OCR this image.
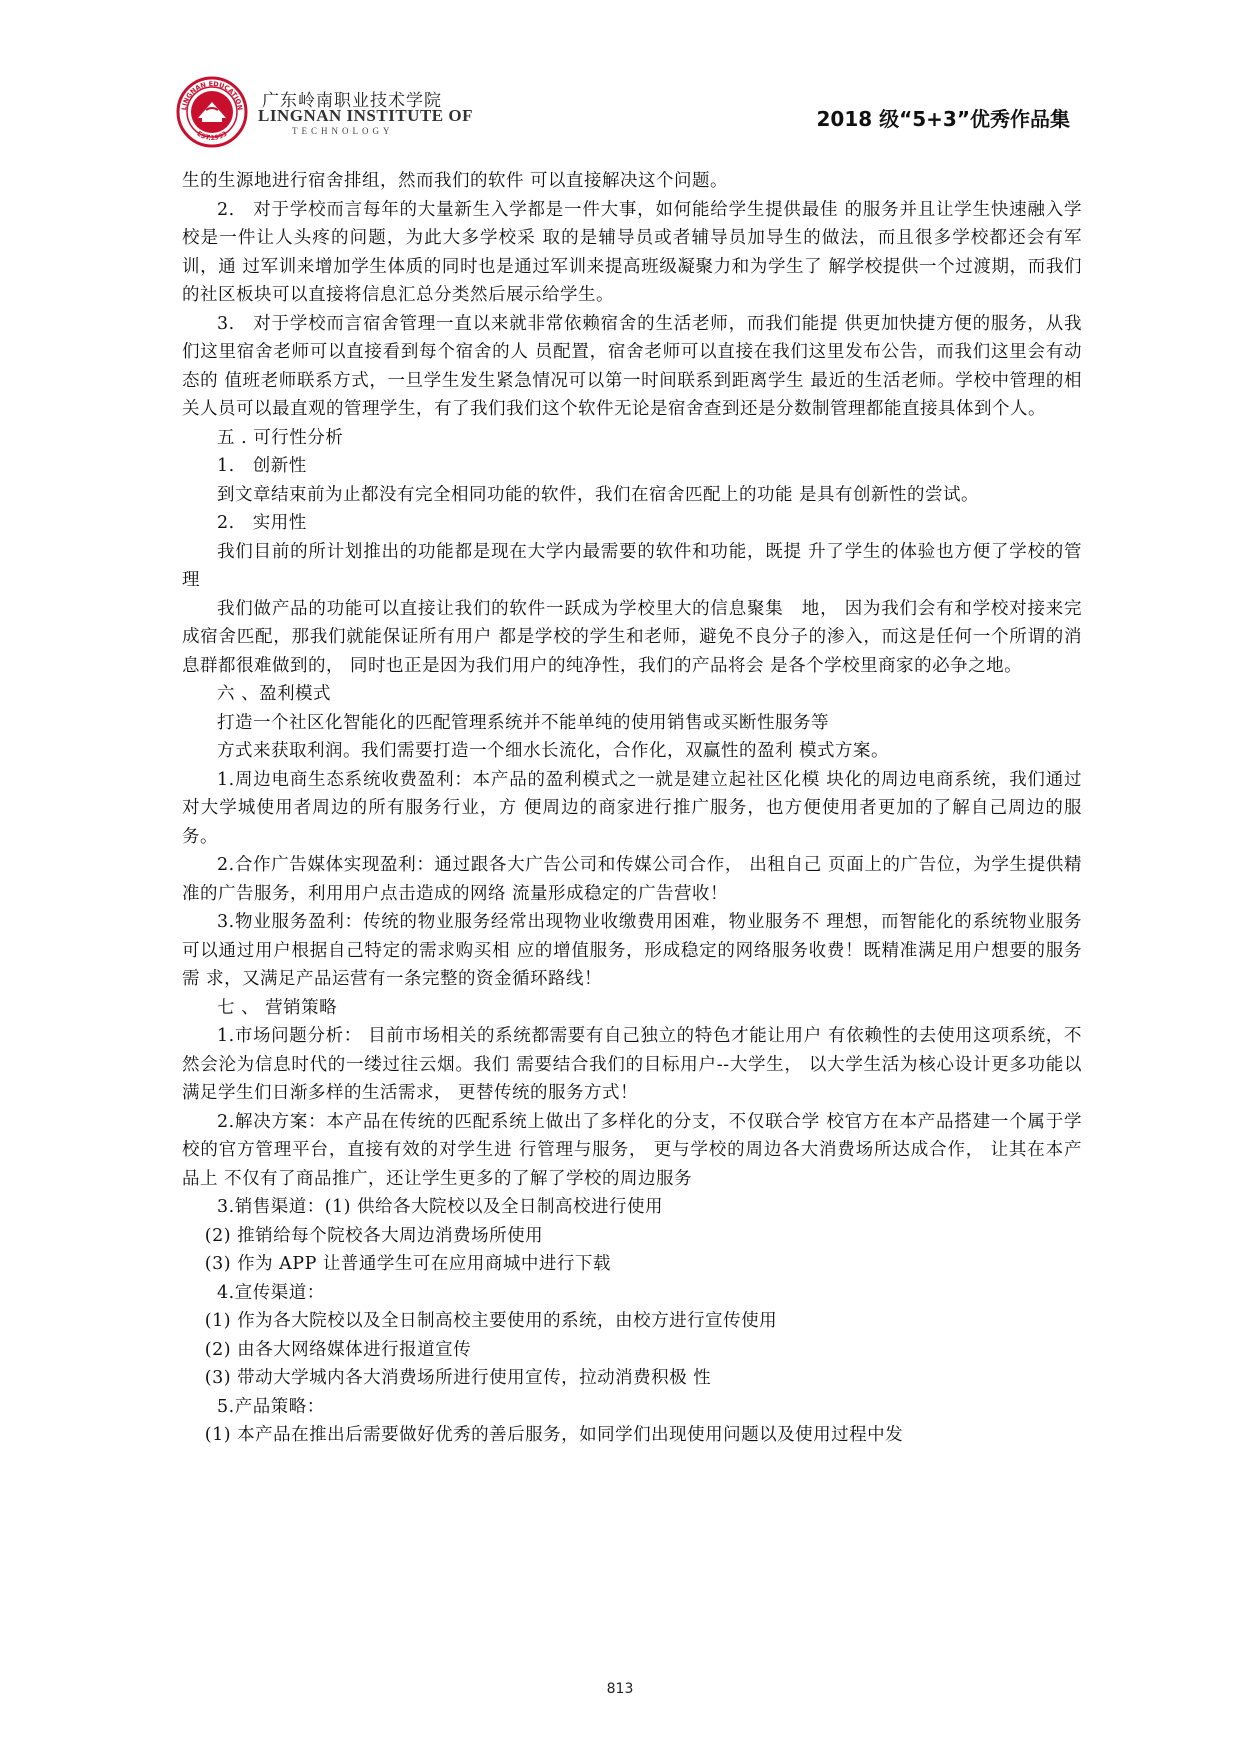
LINGNAN EDUCATION
EST.1993
广东岭南职业技术学院
LINGNAN INSTITUTE OF
TECHNOLOGY	2018 级“5+3”优秀作品集

生的生源地进行宿舍排组，然而我们的软件 可以直接解决这个问题。

2.　对于学校而言每年的大量新生入学都是一件大事，如何能给学生提供最佳 的服务并且让学生快速融入学校是一件让人头疼的问题，为此大多学校采 取的是辅导员或者辅导员加导生的做法，而且很多学校都还会有军训，通 过军训来增加学生体质的同时也是通过军训来提高班级凝聚力和为学生了 解学校提供一个过渡期，而我们的社区板块可以直接将信息汇总分类然后展示给学生。

3.　对于学校而言宿舍管理一直以来就非常依赖宿舍的生活老师，而我们能提 供更加快捷方便的服务，从我们这里宿舍老师可以直接看到每个宿舍的人 员配置，宿舍老师可以直接在我们这里发布公告，而我们这里会有动态的 值班老师联系方式，一旦学生发生紧急情况可以第一时间联系到距离学生 最近的生活老师。学校中管理的相关人员可以最直观的管理学生，有了我们我们这个软件无论是宿舍查到还是分数制管理都能直接具体到个人。

五 . 可行性分析

1.　创新性

到文章结束前为止都没有完全相同功能的软件，我们在宿舍匹配上的功能 是具有创新性的尝试。

2.　实用性

我们目前的所计划推出的功能都是现在大学内最需要的软件和功能，既提 升了学生的体验也方便了学校的管理

我们做产品的功能可以直接让我们的软件一跃成为学校里大的信息聚集　地， 因为我们会有和学校对接来完成宿舍匹配，那我们就能保证所有用户 都是学校的学生和老师，避免不良分子的渗入，而这是任何一个所谓的消 息群都很难做到的， 同时也正是因为我们用户的纯净性，我们的产品将会 是各个学校里商家的必争之地。

六 、盈利模式

打造一个社区化智能化的匹配管理系统并不能单纯的使用销售或买断性服务等

方式来获取利润。我们需要打造一个细水长流化，合作化，双赢性的盈利 模式方案。

1.周边电商生态系统收费盈利：本产品的盈利模式之一就是建立起社区化模 块化的周边电商系统，我们通过对大学城使用者周边的所有服务行业，方 便周边的商家进行推广服务，也方便使用者更加的了解自己周边的服务。

2.合作广告媒体实现盈利：通过跟各大广告公司和传媒公司合作， 出租自己 页面上的广告位，为学生提供精准的广告服务，利用用户点击造成的网络 流量形成稳定的广告营收！

3.物业服务盈利：传统的物业服务经常出现物业收缴费用困难，物业服务不 理想，而智能化的系统物业服务可以通过用户根据自己特定的需求购买相 应的增值服务，形成稳定的网络服务收费！既精准满足用户想要的服务需 求，又满足产品运营有一条完整的资金循环路线！

七 、 营销策略

1.市场问题分析： 目前市场相关的系统都需要有自己独立的特色才能让用户 有依赖性的去使用这项系统，不然会沦为信息时代的一缕过往云烟。我们 需要结合我们的目标用户--大学生， 以大学生活为核心设计更多功能以 满足学生们日渐多样的生活需求， 更替传统的服务方式！

2.解决方案：本产品在传统的匹配系统上做出了多样化的分支，不仅联合学 校官方在本产品搭建一个属于学校的官方管理平台，直接有效的对学生进 行管理与服务， 更与学校的周边各大消费场所达成合作， 让其在本产品上 不仅有了商品推广，还让学生更多的了解了学校的周边服务

3.销售渠道：(1) 供给各大院校以及全日制高校进行使用

(2) 推销给每个院校各大周边消费场所使用

(3) 作为 APP 让普通学生可在应用商城中进行下载

4.宣传渠道：

(1) 作为各大院校以及全日制高校主要使用的系统，由校方进行宣传使用

(2) 由各大网络媒体进行报道宣传

(3) 带动大学城内各大消费场所进行使用宣传，拉动消费积极 性

5.产品策略：

(1) 本产品在推出后需要做好优秀的善后服务，如同学们出现使用问题以及使用过程中发

813
